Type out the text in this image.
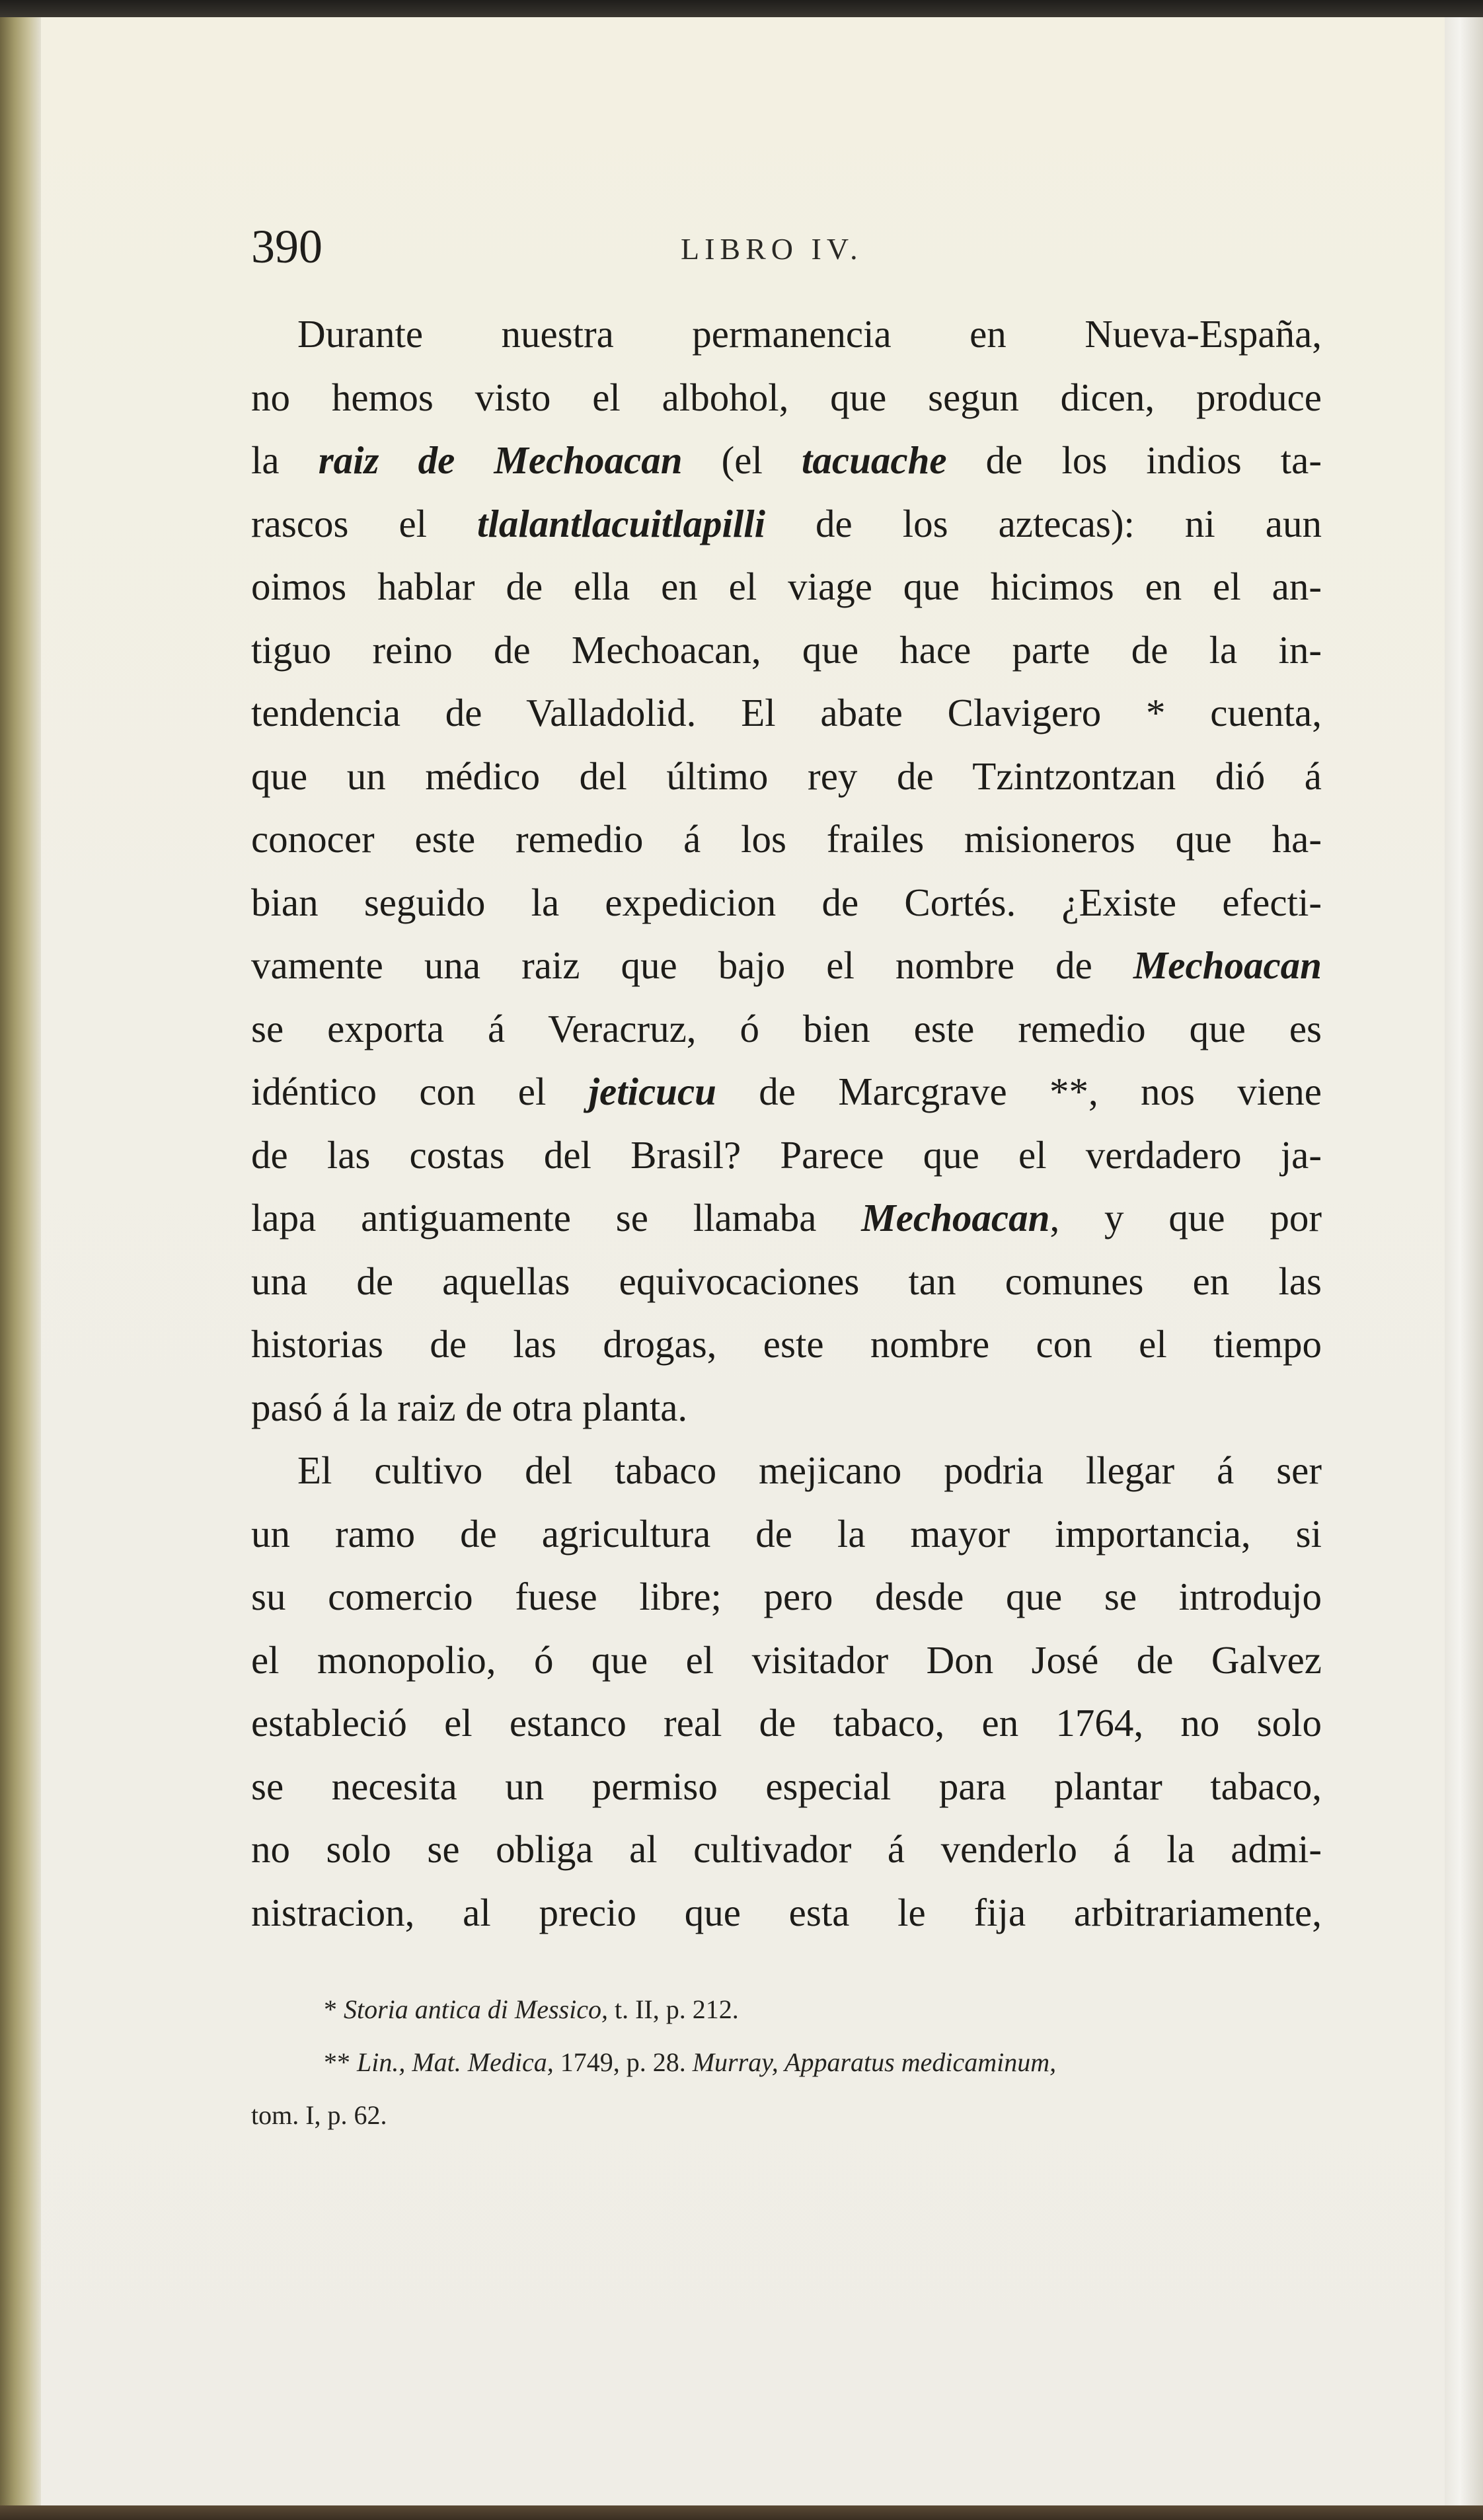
390	LIBRO IV.
Durante nuestra permanencia en Nueva-España,
no hemos visto el albohol, que segun dicen, produce
la raiz de Mechoacan (el tacuache de los indios ta-
rascos el tlalantlacuitlapilli de los aztecas): ni aun
oimos hablar de ella en el viage que hicimos en el an-
tiguo reino de Mechoacan, que hace parte de la in-
tendencia de Valladolid. El abate Clavigero * cuenta,
que un médico del último rey de Tzintzontzan dió á
conocer este remedio á los frailes misioneros que ha-
bian seguido la expedicion de Cortés. ¿Existe efecti-
vamente una raiz que bajo el nombre de Mechoacan
se exporta á Veracruz, ó bien este remedio que es
idéntico con el jeticucu de Marcgrave **, nos viene
de las costas del Brasil? Parece que el verdadero ja-
lapa antiguamente se llamaba Mechoacan, y que por
una de aquellas equivocaciones tan comunes en las
historias de las drogas, este nombre con el tiempo
pasó á la raiz de otra planta.
El cultivo del tabaco mejicano podria llegar á ser
un ramo de agricultura de la mayor importancia, si
su comercio fuese libre; pero desde que se introdujo
el monopolio, ó que el visitador Don José de Galvez
estableció el estanco real de tabaco, en 1764, no solo
se necesita un permiso especial para plantar tabaco,
no solo se obliga al cultivador á venderlo á la admi-
nistracion, al precio que esta le fija arbitrariamente,
* Storia antica di Messico, t. II, p. 212.
** Lin., Mat. Medica, 1749, p. 28. Murray, Apparatus medicaminum,
tom. I, p. 62.
